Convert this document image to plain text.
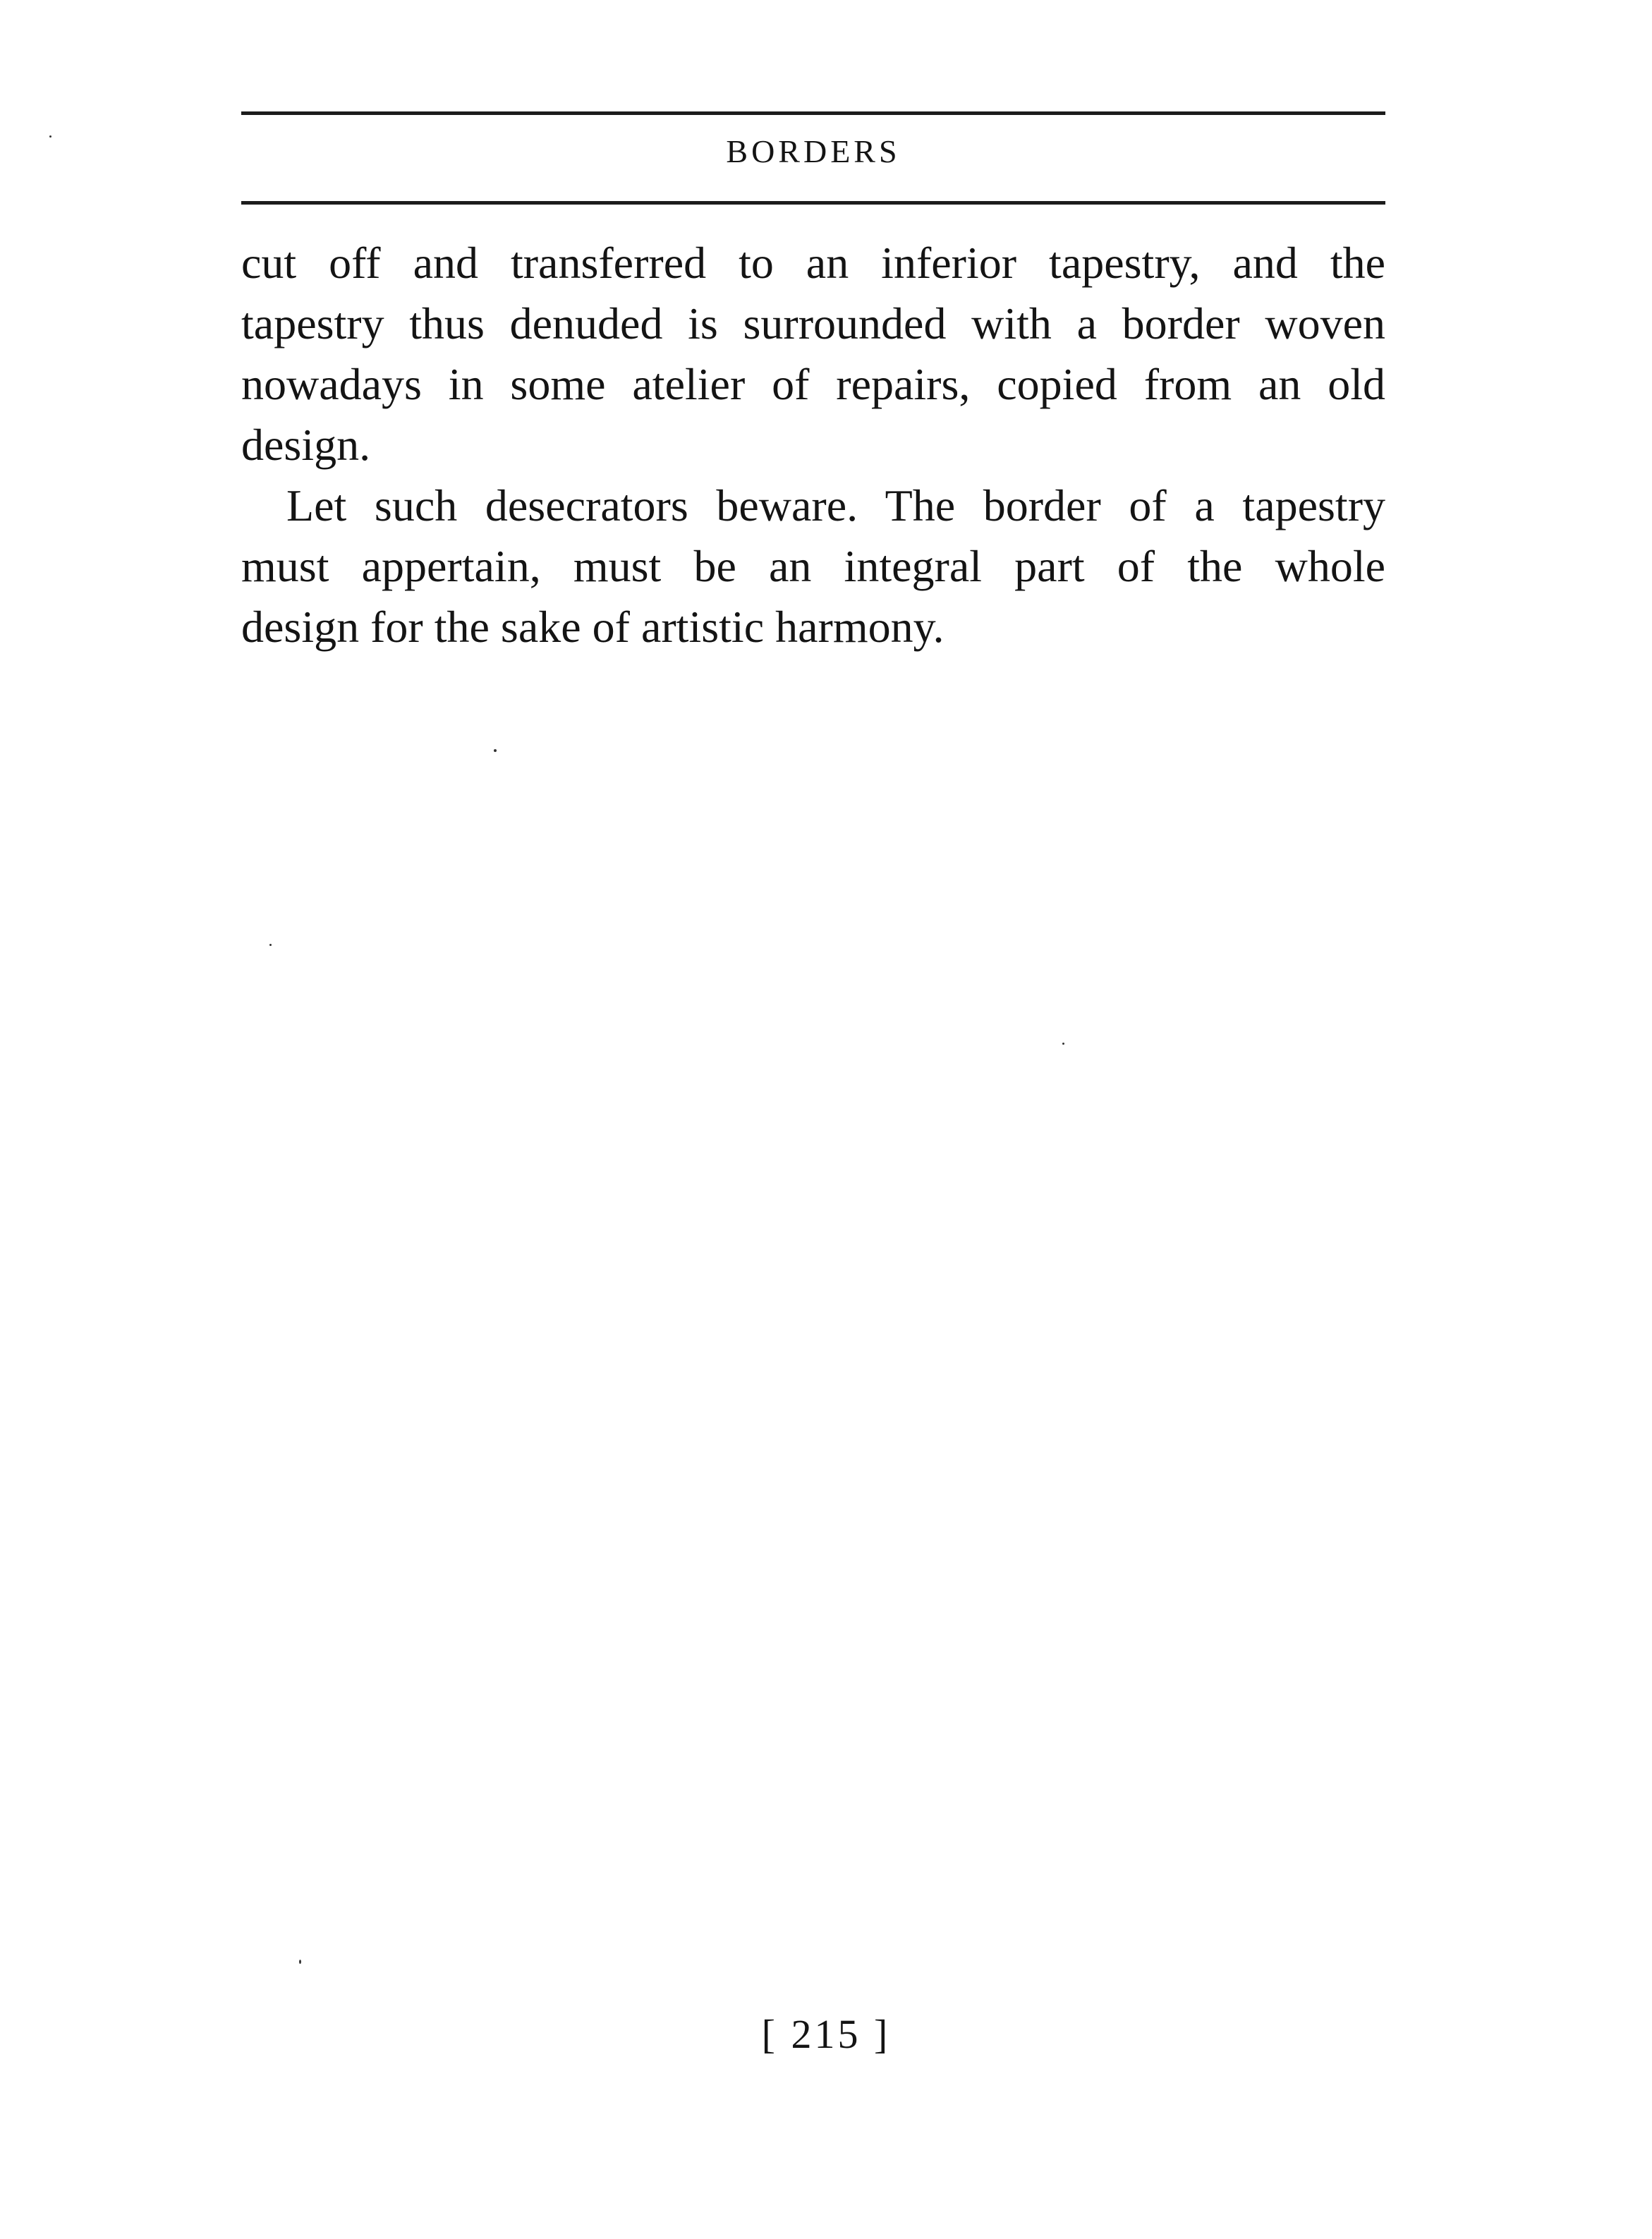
BORDERS
cut off and transferred to an inferior tapestry, and the
tapestry thus denuded is surrounded with a border woven
nowadays in some atelier of repairs, copied from an old
design.
Let such desecrators beware. The border of a tapestry
must appertain, must be an integral part of the whole
design for the sake of artistic harmony.
[ 215 ]
